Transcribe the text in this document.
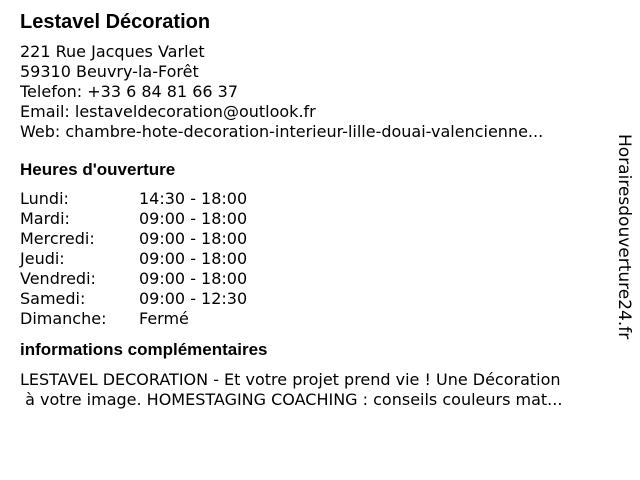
Lestavel Décoration
221 Rue Jacques Varlet
59310 Beuvry-la-Forêt
Telefon: +33 6 84 81 66 37
Email: lestaveldecoration@outlook.fr
Web: chambre-hote-decoration-interieur-lille-douai-valencienne...
Heures d'ouverture
Lundi:	14:30 - 18:00
Mardi:	09:00 - 18:00
Mercredi:	09:00 - 18:00
Jeudi:	09:00 - 18:00
Vendredi:	09:00 - 18:00
Samedi:	09:00 - 12:30
Dimanche:	Fermé
informations complémentaires
LESTAVEL DECORATION - Et votre projet prend vie ! Une Décoration
à votre image. HOMESTAGING COACHING : conseils couleurs mat...
Horairesdouverture24.fr
